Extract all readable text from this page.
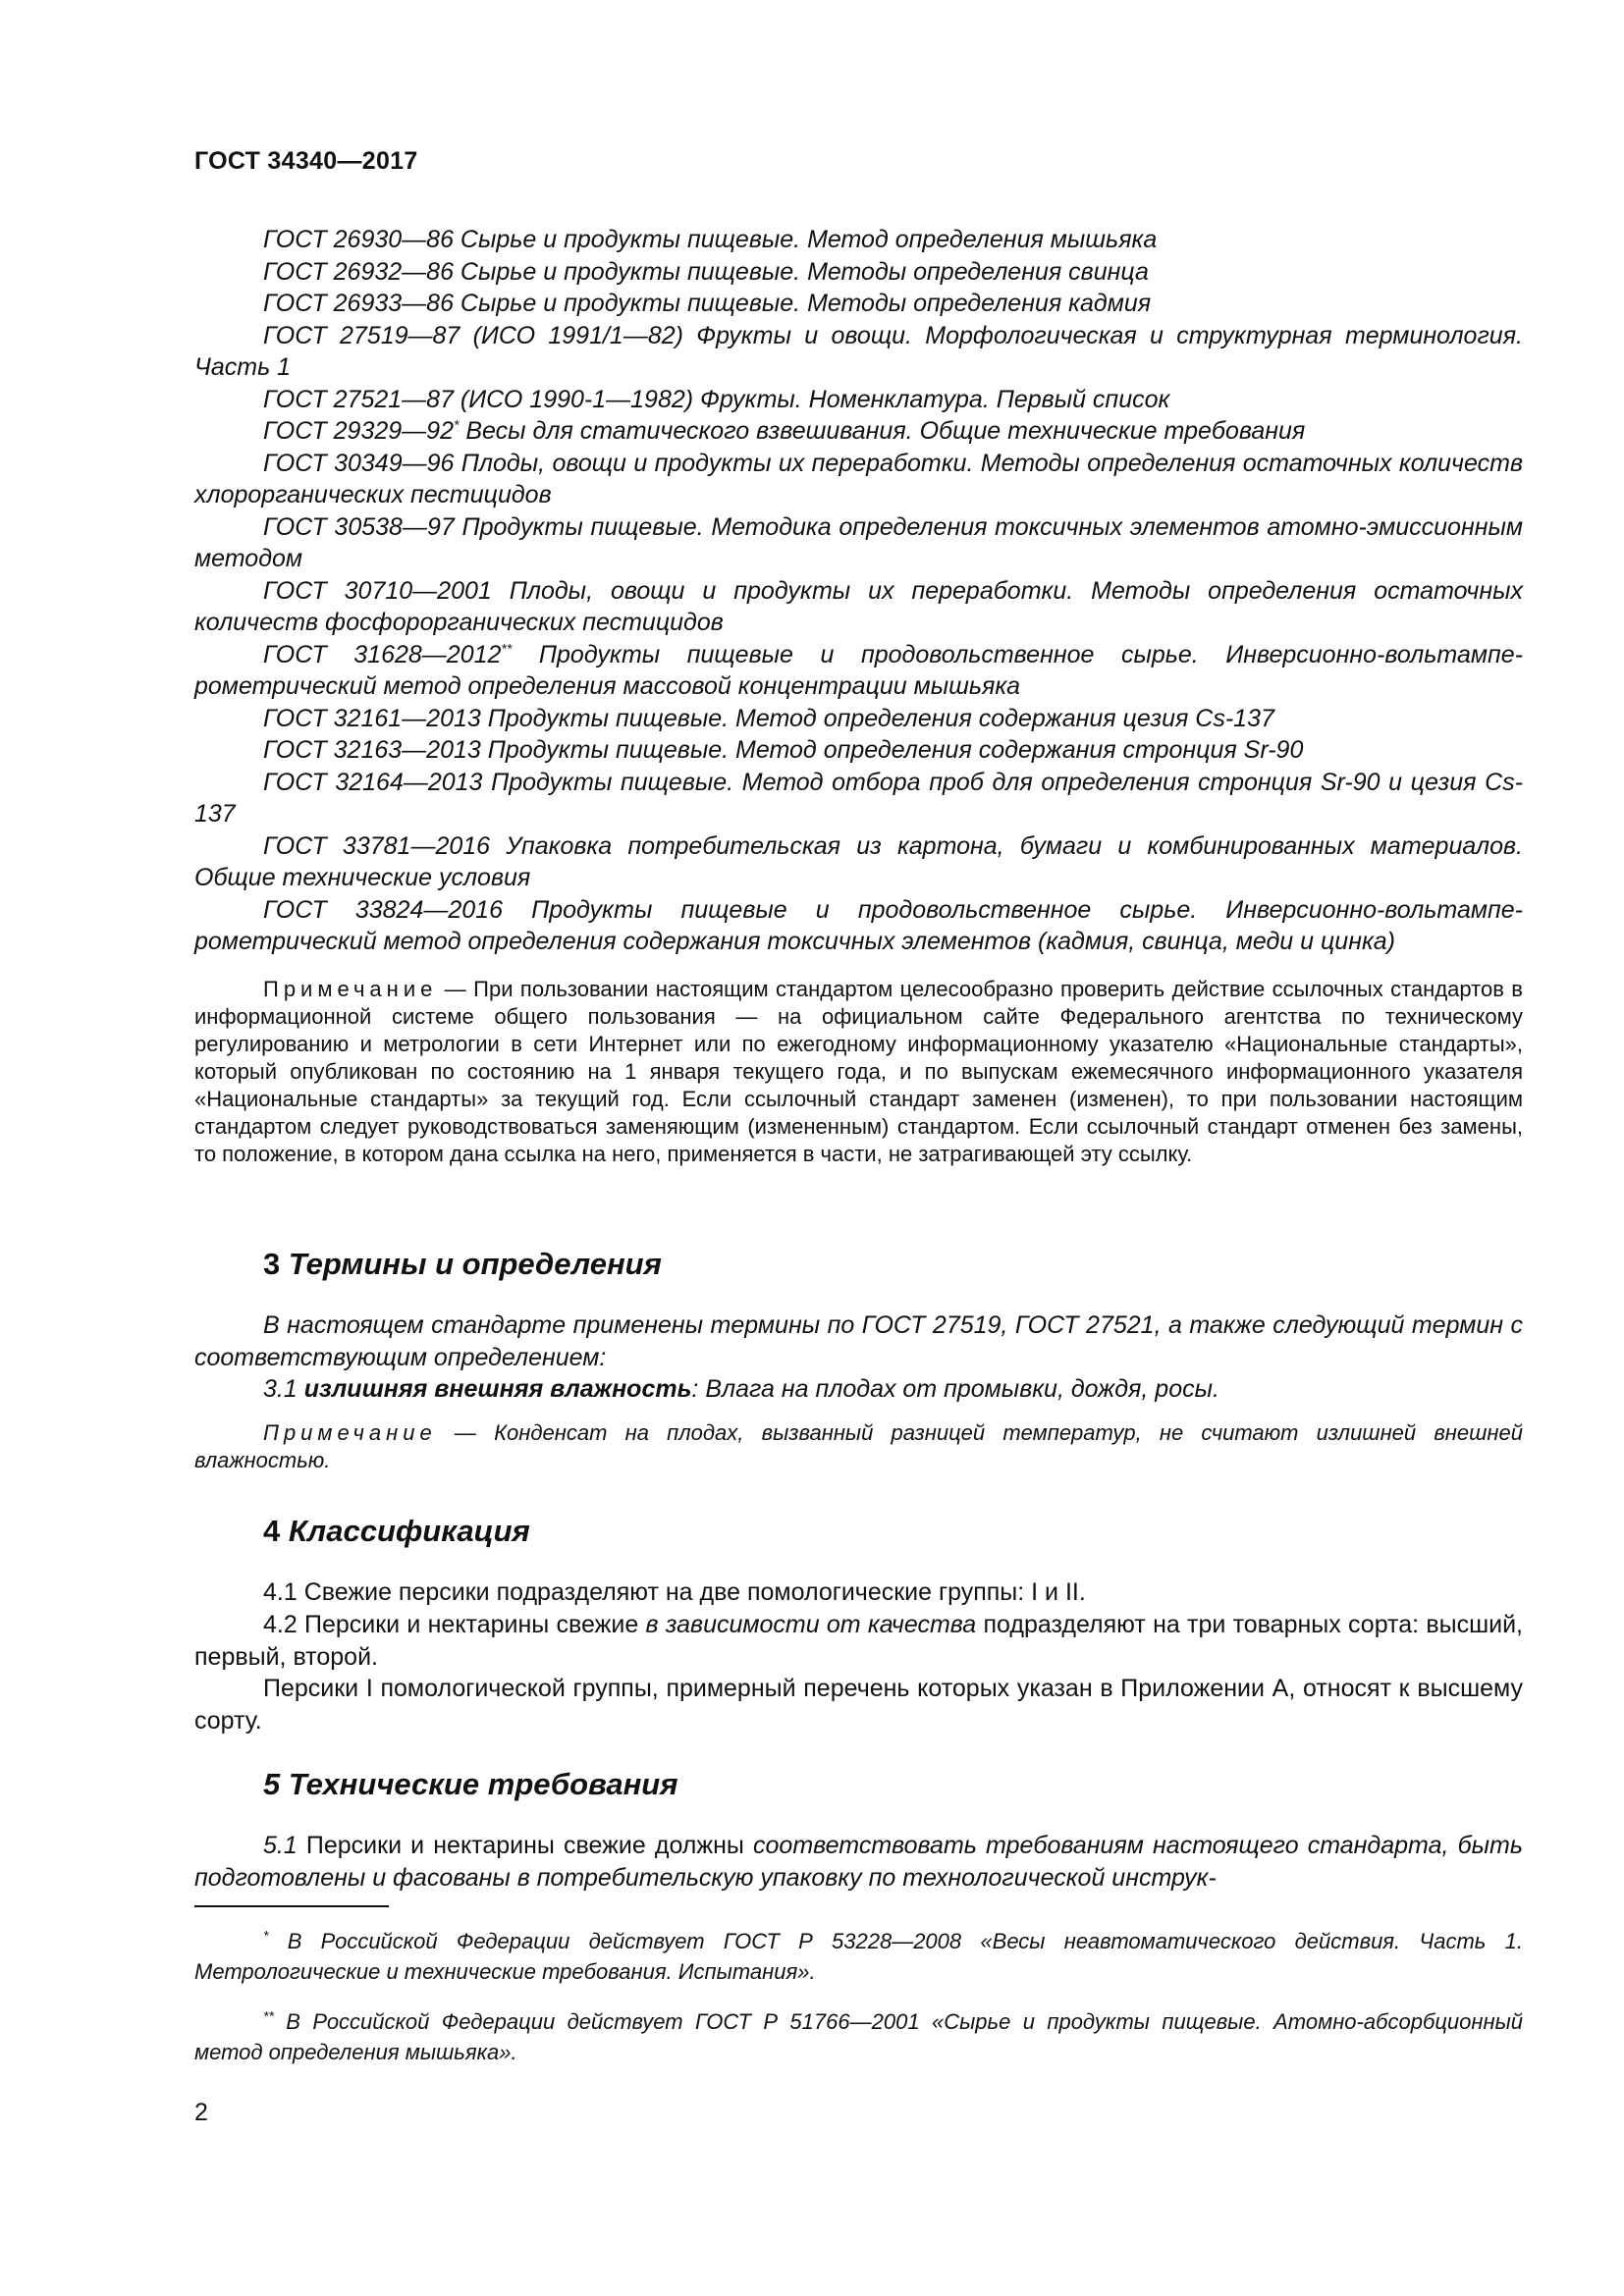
ГОСТ 34340—2017
ГОСТ 26930—86 Сырье и продукты пищевые. Метод определения мышьяка
ГОСТ 26932—86 Сырье и продукты пищевые. Методы определения свинца
ГОСТ 26933—86 Сырье и продукты пищевые. Методы определения кадмия
ГОСТ 27519—87 (ИСО 1991/1—82) Фрукты и овощи. Морфологическая и структурная терминология. Часть 1
ГОСТ 27521—87 (ИСО 1990-1—1982) Фрукты. Номенклатура. Первый список
ГОСТ 29329—92* Весы для статического взвешивания. Общие технические требования
ГОСТ 30349—96 Плоды, овощи и продукты их переработки. Методы определения остаточных количеств хлорорганических пестицидов
ГОСТ 30538—97 Продукты пищевые. Методика определения токсичных элементов атомно-эмиссионным методом
ГОСТ 30710—2001 Плоды, овощи и продукты их переработки. Методы определения остаточных количеств фосфорорганических пестицидов
ГОСТ 31628—2012** Продукты пищевые и продовольственное сырье. Инверсионно-вольтамперометрический метод определения массовой концентрации мышьяка
ГОСТ 32161—2013 Продукты пищевые. Метод определения содержания цезия Cs-137
ГОСТ 32163—2013 Продукты пищевые. Метод определения содержания стронция Sr-90
ГОСТ 32164—2013 Продукты пищевые. Метод отбора проб для определения стронция Sr-90 и цезия Cs-137
ГОСТ 33781—2016 Упаковка потребительская из картона, бумаги и комбинированных материалов. Общие технические условия
ГОСТ 33824—2016 Продукты пищевые и продовольственное сырье. Инверсионно-вольтамперометрический метод определения содержания токсичных элементов (кадмия, свинца, меди и цинка)
Примечание — При пользовании настоящим стандартом целесообразно проверить действие ссылочных стандартов в информационной системе общего пользования — на официальном сайте Федерального агентства по техническому регулированию и метрологии в сети Интернет или по ежегодному информационному указателю «Национальные стандарты», который опубликован по состоянию на 1 января текущего года, и по выпускам ежемесячного информационного указателя «Национальные стандарты» за текущий год. Если ссылочный стандарт заменен (изменен), то при пользовании настоящим стандартом следует руководствоваться заменяющим (измененным) стандартом. Если ссылочный стандарт отменен без замены, то положение, в котором дана ссылка на него, применяется в части, не затрагивающей эту ссылку.
3 Термины и определения
В настоящем стандарте применены термины по ГОСТ 27519, ГОСТ 27521, а также следующий термин с соответствующим определением:
3.1 излишняя внешняя влажность: Влага на плодах от промывки, дождя, росы.
Примечание — Конденсат на плодах, вызванный разницей температур, не считают излишней внешней влажностью.
4 Классификация
4.1 Свежие персики подразделяют на две помологические группы: I и II.
4.2 Персики и нектарины свежие в зависимости от качества подразделяют на три товарных сорта: высший, первый, второй.
Персики I помологической группы, примерный перечень которых указан в Приложении А, относят к высшему сорту.
5 Технические требования
5.1 Персики и нектарины свежие должны соответствовать требованиям настоящего стандарта, быть подготовлены и фасованы в потребительскую упаковку по технологической инструк-
* В Российской Федерации действует ГОСТ Р 53228—2008 «Весы неавтоматического действия. Часть 1. Метрологические и технические требования. Испытания».
** В Российской Федерации действует ГОСТ Р 51766—2001 «Сырье и продукты пищевые. Атомно-абсорбционный метод определения мышьяка».
2
